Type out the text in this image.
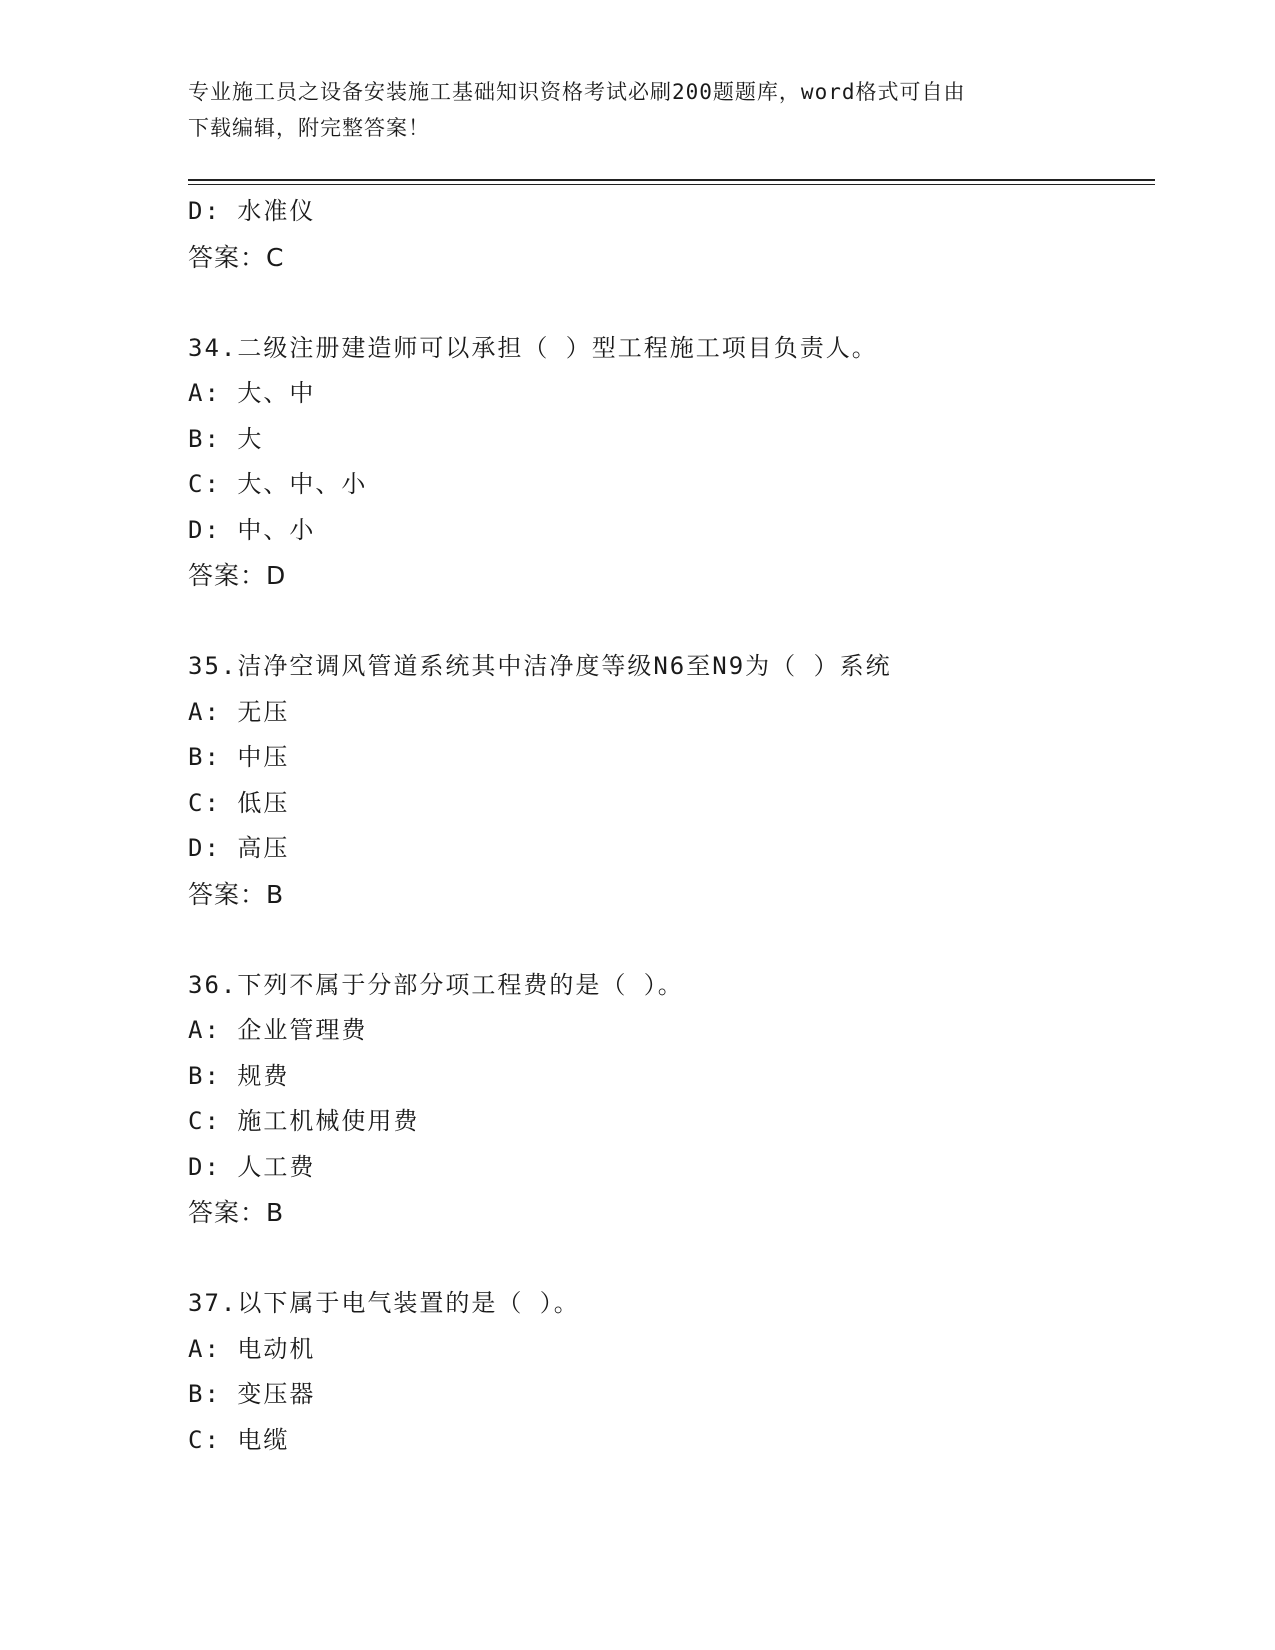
专业施工员之设备安装施工基础知识资格考试必刷200题题库，word格式可自由
下载编辑，附完整答案！
D: 水准仪
答案：C
34.二级注册建造师可以承担（ ）型工程施工项目负责人。
A: 大、中
B: 大
C: 大、中、小
D: 中、小
答案：D
35.洁净空调风管道系统其中洁净度等级N6至N9为（ ）系统
A: 无压
B: 中压
C: 低压
D: 高压
答案：B
36.下列不属于分部分项工程费的是（ ）。
A: 企业管理费
B: 规费
C: 施工机械使用费
D: 人工费
答案：B
37.以下属于电气装置的是（ ）。
A: 电动机
B: 变压器
C: 电缆
